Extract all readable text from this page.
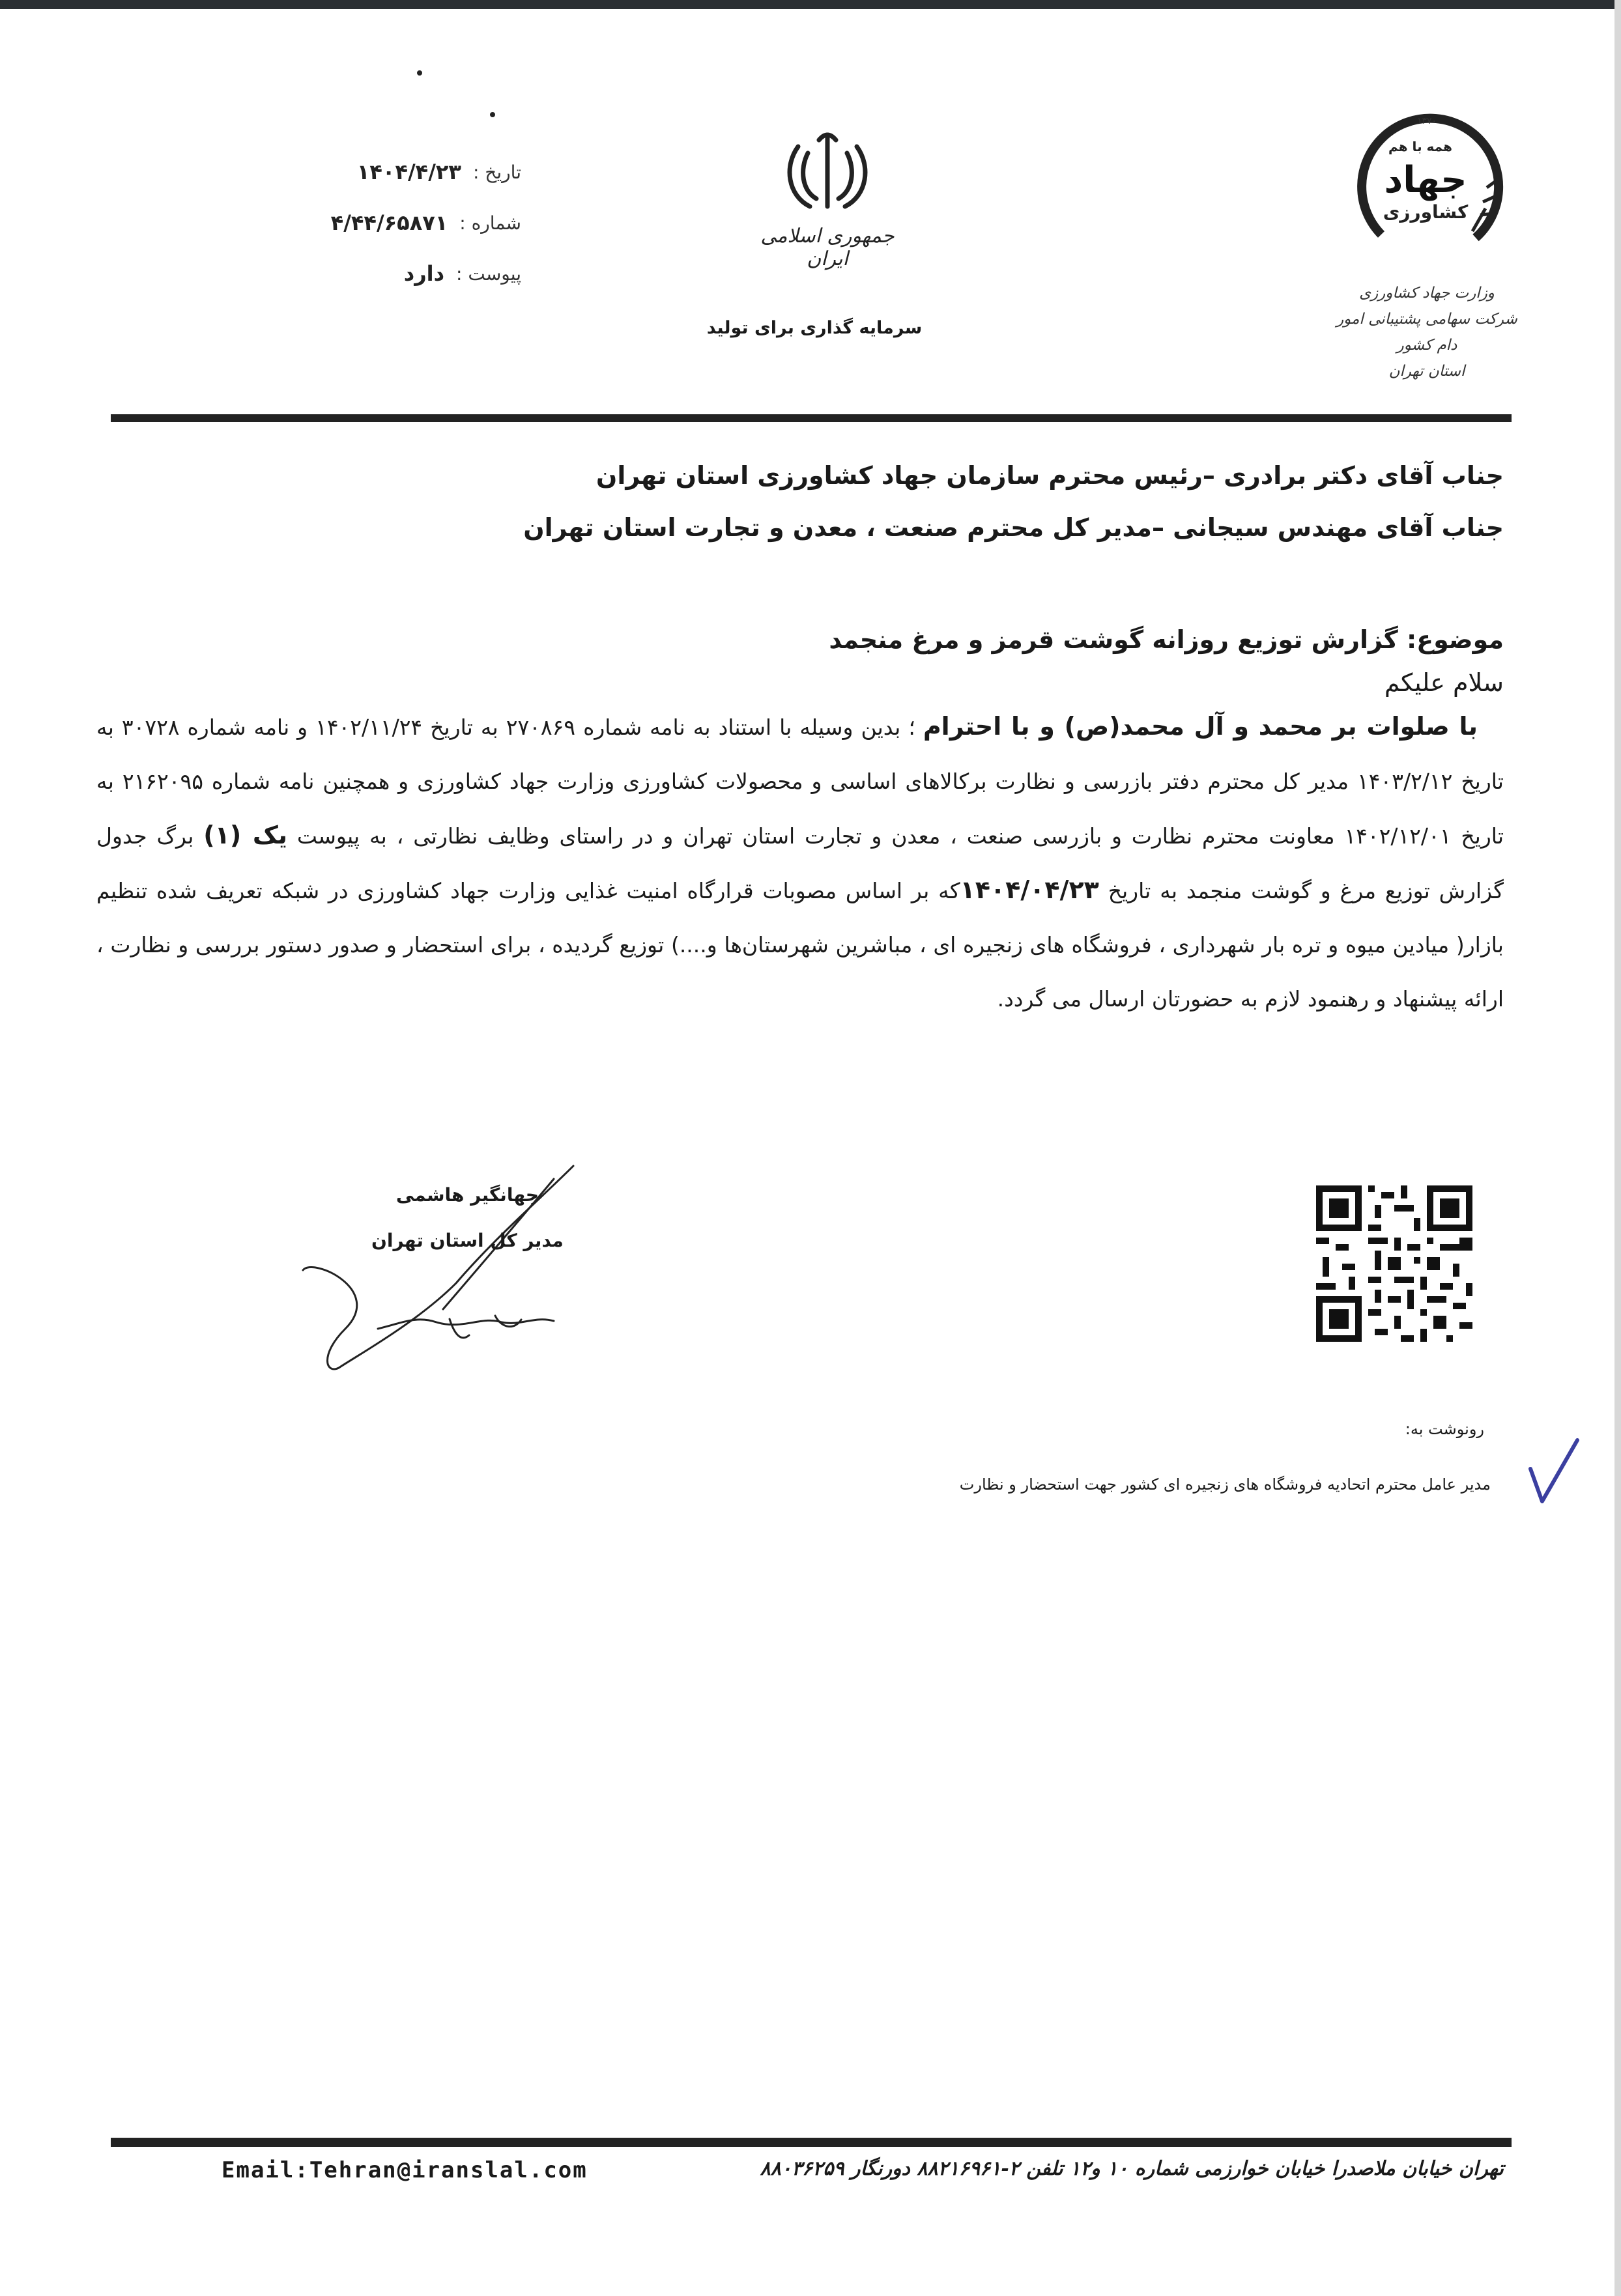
تاریخ :
۱۴۰۴/۴/۲۳
شماره :
۴/۴۴/۶۵۸۷۱
پیوست :
دارد
جمهوری اسلامی ایران
سرمایه گذاری برای تولید
۱۳۷۰
همه با هم
جهاد
کشاورزی
وزارت جهاد کشاورزی
شرکت سهامی پشتیبانی امور دام کشور
استان تهران
جناب آقای دکتر برادری –رئیس محترم سازمان جهاد کشاورزی استان تهران
جناب آقای مهندس سیجانی –مدیر کل محترم صنعت ، معدن و تجارت استان تهران
موضوع: گزارش توزیع روزانه گوشت قرمز و مرغ منجمد
سلام علیکم

با صلوات بر محمد و آل محمد(ص) و با احترام ؛ بدین وسیله با استناد به نامه شماره ۲۷۰۸۶۹ به تاریخ ۱۴۰۲/۱۱/۲۴ و نامه شماره ۳۰۷۲۸ به تاریخ ۱۴۰۳/۲/۱۲ مدیر کل محترم دفتر بازرسی و نظارت برکالاهای اساسی و محصولات کشاورزی وزارت جهاد کشاورزی و همچنین نامه شماره ۲۱۶۲۰۹۵ به تاریخ ۱۴۰۲/۱۲/۰۱ معاونت محترم نظارت و بازرسی صنعت ، معدن و تجارت استان تهران و در راستای وظایف نظارتی ، به پیوست یک (۱) برگ جدول گزارش توزیع مرغ و گوشت منجمد به تاریخ ۱۴۰۴/۰۴/۲۳که بر اساس مصوبات قرارگاه امنیت غذایی وزارت جهاد کشاورزی در شبکه تعریف شده تنظیم بازار( میادین میوه و تره بار شهرداری ، فروشگاه های زنجیره ای ، مباشرین شهرستان‌ها و....) توزیع گردیده ، برای استحضار و صدور دستور بررسی و نظارت ، ارائه پیشنهاد و رهنمود لازم به حضورتان ارسال می گردد.

جهانگیر هاشمی
مدیر کل استان تهران
رونوشت به:
مدیر عامل محترم اتحادیه فروشگاه های زنجیره ای کشور جهت استحضار و نظارت
Email:Tehran@iranslal.com	تهران خیابان ملاصدرا خیابان خوارزمی شماره ۱۰ و۱۲ تلفن ۲-۸۸۲۱۶۹۶۱ دورنگار ۸۸۰۳۶۲۵۹
